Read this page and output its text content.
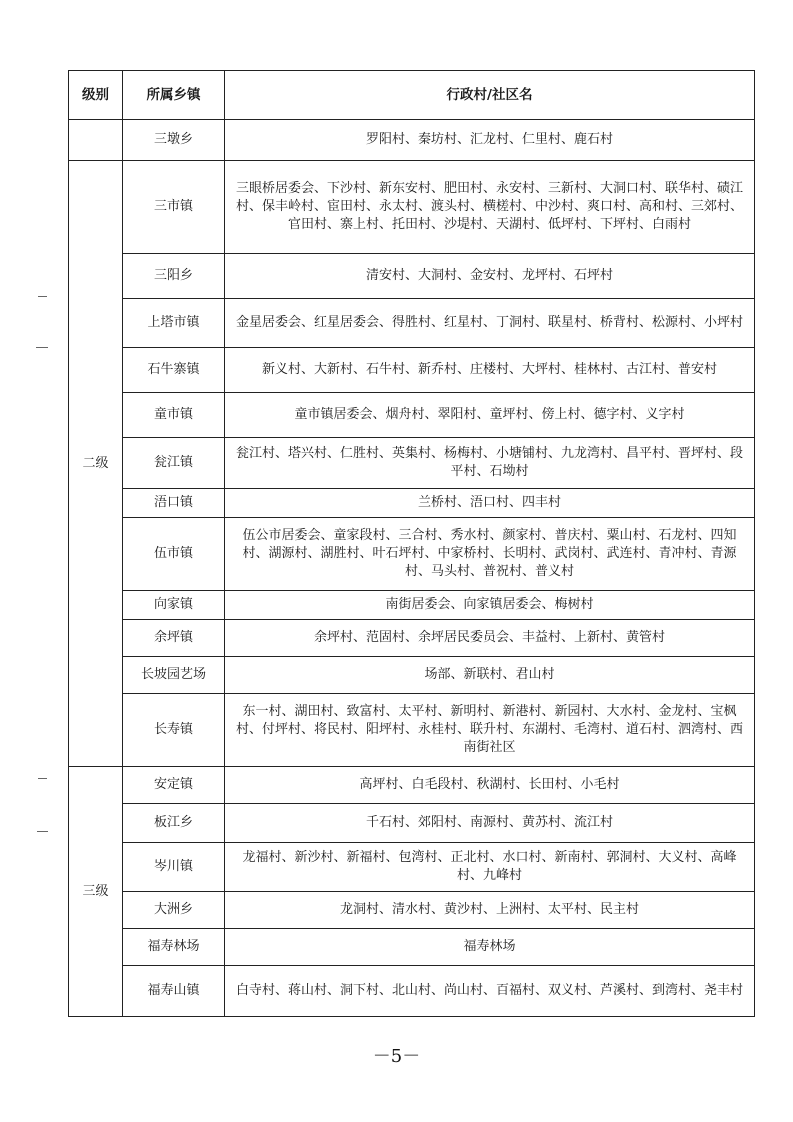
级别	所属乡镇	行政村/社区名
	三墩乡	罗阳村、秦坊村、汇龙村、仁里村、鹿石村
二级	三市镇	三眼桥居委会、下沙村、新东安村、肥田村、永安村、三新村、大洞口村、联华村、碛江村、保丰岭村、宦田村、永太村、渡头村、横槎村、中沙村、爽口村、高和村、三郊村、官田村、寨上村、托田村、沙堤村、天湖村、低坪村、下坪村、白雨村
	三阳乡	清安村、大洞村、金安村、龙坪村、石坪村
	上塔市镇	金星居委会、红星居委会、得胜村、红星村、丁洞村、联星村、桥背村、松源村、小坪村
	石牛寨镇	新义村、大新村、石牛村、新乔村、庄楼村、大坪村、桂林村、古江村、普安村
	童市镇	童市镇居委会、烟舟村、翠阳村、童坪村、傍上村、德字村、义字村
	瓮江镇	瓮江村、塔兴村、仁胜村、英集村、杨梅村、小塘铺村、九龙湾村、昌平村、晋坪村、段平村、石坳村
	浯口镇	兰桥村、浯口村、四丰村
	伍市镇	伍公市居委会、童家段村、三合村、秀水村、颜家村、普庆村、粟山村、石龙村、四知村、湖源村、湖胜村、叶石坪村、中家桥村、长明村、武岗村、武连村、青冲村、青源村、马头村、普祝村、普义村
	向家镇	南街居委会、向家镇居委会、梅树村
	余坪镇	余坪村、范固村、余坪居民委员会、丰益村、上新村、黄管村
	长坡园艺场	场部、新联村、君山村
	长寿镇	东一村、湖田村、致富村、太平村、新明村、新港村、新园村、大水村、金龙村、宝枫村、付坪村、将民村、阳坪村、永桂村、联升村、东湖村、毛湾村、道石村、泗湾村、西南街社区
三级	安定镇	高坪村、白毛段村、秋湖村、长田村、小毛村
	板江乡	千石村、郊阳村、南源村、黄苏村、流江村
	岑川镇	龙福村、新沙村、新福村、包湾村、正北村、水口村、新南村、郭洞村、大义村、高峰村、九峰村
	大洲乡	龙洞村、清水村、黄沙村、上洲村、太平村、民主村
	福寿林场	福寿林场
	福寿山镇	白寺村、蒋山村、洞下村、北山村、尚山村、百福村、双义村、芦溪村、到湾村、尧丰村
－5－
